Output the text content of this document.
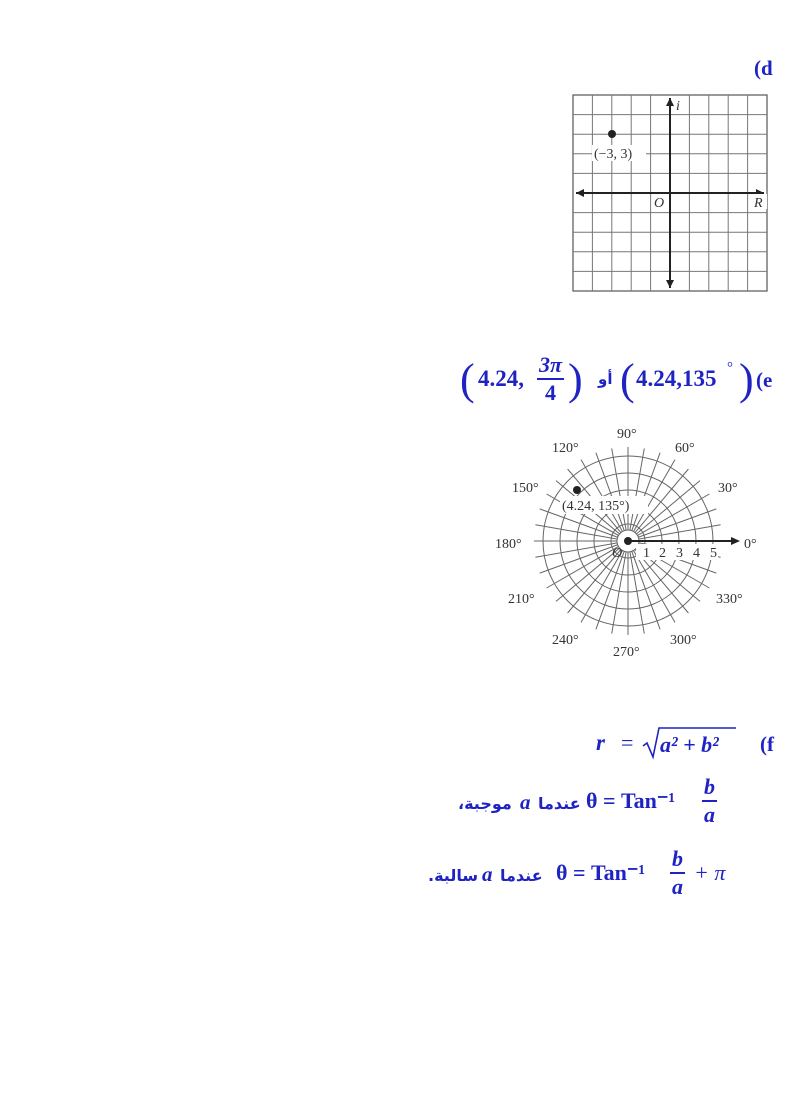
(d
(−3, 3)
O	R
i
( 4.24, $\frac{3\pi}{4}$ ) أو ( 4.24,135 ° ) (e
(4.24, 135°)
O 1 2 3 4 5
0°
30°
60°
90°
120°
150°
180°
210°
240°
270°
300°
330°
r = a² + b² (f
موجبة، a عندما $\theta = Tan^{-1} \frac{b}{a}$
سالبة. a عندما $\theta = Tan^{-1} \frac{b}{a} + \pi$
